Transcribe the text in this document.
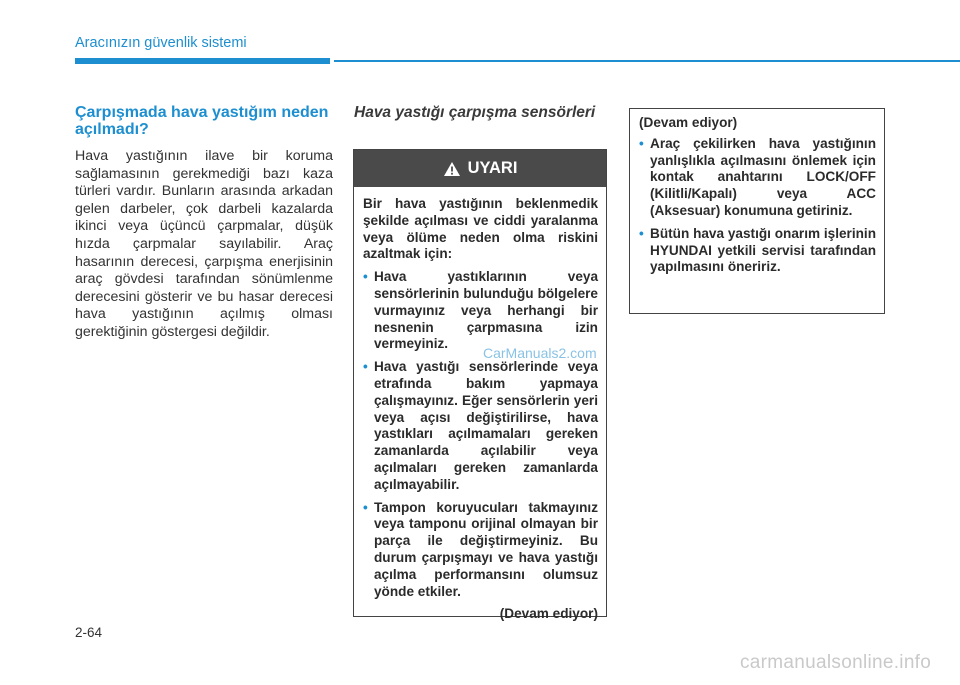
Aracınızın güvenlik sistemi
Çarpışmada hava yastığım neden açılmadı?

Hava yastığının ilave bir koruma sağlamasının gerekmediği bazı kaza türleri vardır. Bunların arasında arkadan gelen darbeler, çok darbeli kazalarda ikinci veya üçüncü çarpmalar, düşük hızda çarpmalar sayılabilir. Araç hasarının derecesi, çarpışma enerjisinin araç gövdesi tarafından sönümlenme derecesini gösterir ve bu hasar derecesi hava yastığının açılmış olması gerektiğinin göstergesi değildir.

Hava yastığı çarpışma sensörleri
UYARI

Bir hava yastığının beklenmedik şekilde açılması ve ciddi yaralanma veya ölüme neden olma riskini azaltmak için:

• Hava yastıklarının veya sensörlerinin bulunduğu bölgelere vurmayınız veya herhangi bir nesnenin çarpmasına izin vermeyiniz.
• Hava yastığı sensörlerinde veya etrafında bakım yapmaya çalışmayınız. Eğer sensörlerin yeri veya açısı değiştirilirse, hava yastıkları açılmamaları gereken zamanlarda açılabilir veya açılmaları gereken zamanlarda açılmayabilir.
• Tampon koruyucuları takmayınız veya tamponu orijinal olmayan bir parça ile değiştirmeyiniz. Bu durum çarpışmayı ve hava yastığı açılma performansını olumsuz yönde etkiler.
(Devam ediyor)

(Devam ediyor)

• Araç çekilirken hava yastığının yanlışlıkla açılmasını önlemek için kontak anahtarını LOCK/OFF (Kilitli/Kapalı) veya ACC (Aksesuar) konumuna getiriniz.
• Bütün hava yastığı onarım işlerinin HYUNDAI yetkili servisi tarafından yapılmasını öneririz.
CarManuals2.com
2-64
carmanualsonline.info
